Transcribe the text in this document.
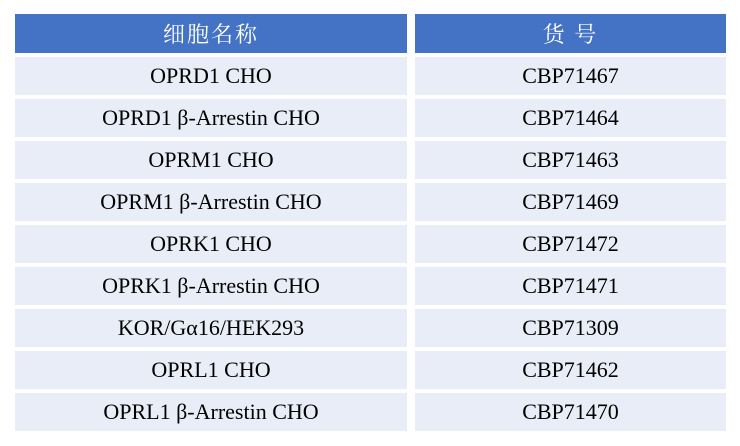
细胞名称	货 号
OPRD1 CHO	CBP71467
OPRD1 β-Arrestin CHO	CBP71464
OPRM1 CHO	CBP71463
OPRM1 β-Arrestin CHO	CBP71469
OPRK1 CHO	CBP71472
OPRK1 β-Arrestin CHO	CBP71471
KOR/Gα16/HEK293	CBP71309
OPRL1 CHO	CBP71462
OPRL1 β-Arrestin CHO	CBP71470
